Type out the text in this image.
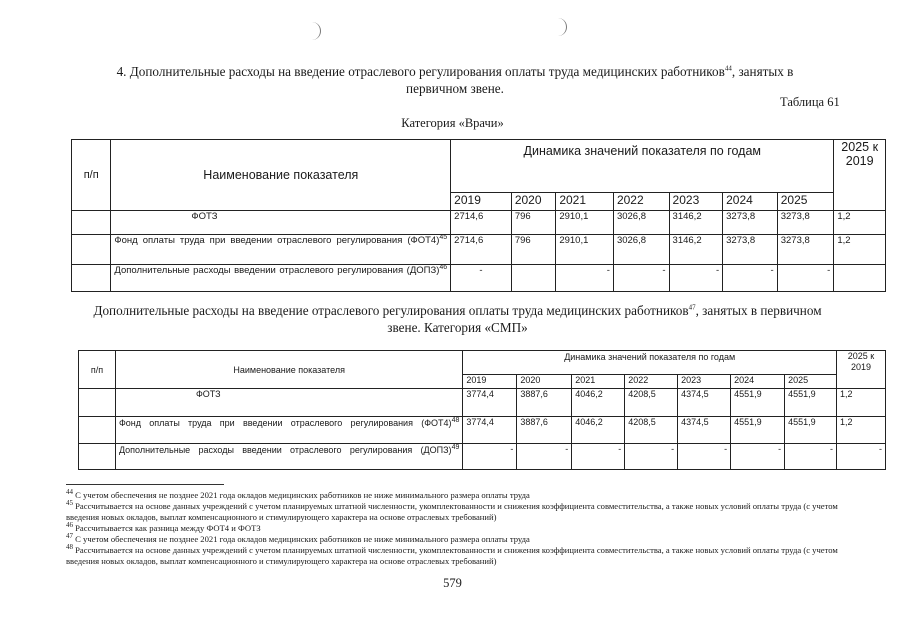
4. Дополнительные расходы на введение отраслевого регулирования оплаты труда медицинских работников$^{44}$, занятых в
первичном звене.
Таблица 61
Категория «Врачи»
п/п	Наименование показателя	Динамика значений показателя по годам							2025 к 2019
		2019	2020	2021	2022	2023	2024	2025	
	ФОТЗ	2714,6	796	2910,1	3026,8	3146,2	3273,8	3273,8	1,2
	Фонд оплаты труда при введении отраслевого регулирования $(ФОТ4)^{45}$	2714,6	796	2910,1	3026,8	3146,2	3273,8	3273,8	1,2
	Дополнительные расходы введении отраслевого регулирования (ДОПЗ)$^{46}$	-		-	-	-	-	-	
Дополнительные расходы на введение отраслевого регулирования оплаты труда медицинских работников$^{47}$, занятых в первичном
звене. Категория «СМП»
п/п	Наименование показателя	Динамика значений показателя по годам							2025 к 2019
		2019	2020	2021	2022	2023	2024	2025	
	ФОТЗ	3774,4	3887,6	4046,2	4208,5	4374,5	4551,9	4551,9	1,2
	Фонд оплаты труда при введении отраслевого регулирования $(ФОТ4)^{48}$	3774,4	3887,6	4046,2	4208,5	4374,5	4551,9	4551,9	1,2
	Дополнительные расходы введении отраслевого регулирования (ДОПЗ)$^{49}$	-	-	-	-	-	-	-	-
$^{44}$ С учетом обеспечения не позднее 2021 года окладов медицинских работников не ниже минимального размера оплаты труда
$^{45}$ Рассчитывается на основе данных учреждений с учетом планируемых штатной численности, укомплектованности и снижения коэффициента совместительства, а также новых условий оплаты труда (с учетом введения новых окладов, выплат компенсационного и стимулирующего характера на основе отраслевых требований)
$^{46}$ Рассчитывается как разница между ФОТ4 и ФОТЗ
$^{47}$ С учетом обеспечения не позднее 2021 года окладов медицинских работников не ниже минимального размера оплаты труда
$^{48}$ Рассчитывается на основе данных учреждений с учетом планируемых штатной численности, укомплектованности и снижения коэффициента совместительства, а также новых условий оплаты труда (с учетом введения новых окладов, выплат компенсационного и стимулирующего характера на основе отраслевых требований)
579
